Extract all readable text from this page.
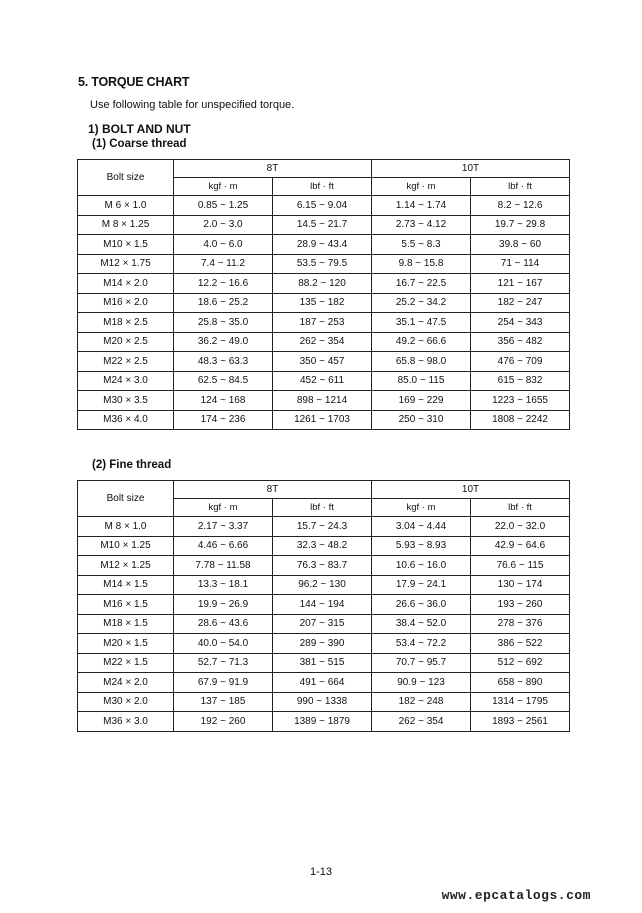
5. TORQUE CHART
Use following table for unspecified torque.
1) BOLT AND NUT
(1) Coarse thread
Bolt size	8T		10T	
	kgf · m	lbf · ft	kgf · m	lbf · ft
M 6 × 1.0	0.85 ~ 1.25	6.15 ~ 9.04	1.14 ~ 1.74	8.2 ~ 12.6
M 8 × 1.25	2.0 ~ 3.0	14.5 ~ 21.7	2.73 ~ 4.12	19.7 ~ 29.8
M10 × 1.5	4.0 ~ 6.0	28.9 ~ 43.4	5.5 ~ 8.3	39.8 ~ 60
M12 × 1.75	7.4 ~ 11.2	53.5 ~ 79.5	9.8 ~ 15.8	71 ~ 114
M14 × 2.0	12.2 ~ 16.6	88.2 ~ 120	16.7 ~ 22.5	121 ~ 167
M16 × 2.0	18.6 ~ 25.2	135 ~ 182	25.2 ~ 34.2	182 ~ 247
M18 × 2.5	25.8 ~ 35.0	187 ~ 253	35.1 ~ 47.5	254 ~ 343
M20 × 2.5	36.2 ~ 49.0	262 ~ 354	49.2 ~ 66.6	356 ~ 482
M22 × 2.5	48.3 ~ 63.3	350 ~ 457	65.8 ~ 98.0	476 ~ 709
M24 × 3.0	62.5 ~ 84.5	452 ~ 611	85.0 ~ 115	615 ~ 832
M30 × 3.5	124 ~ 168	898 ~ 1214	169 ~ 229	1223 ~ 1655
M36 × 4.0	174 ~ 236	1261 ~ 1703	250 ~ 310	1808 ~ 2242
(2) Fine thread
Bolt size	8T		10T	
	kgf · m	lbf · ft	kgf · m	lbf · ft
M 8 × 1.0	2.17 ~ 3.37	15.7 ~ 24.3	3.04 ~ 4.44	22.0 ~ 32.0
M10 × 1.25	4.46 ~ 6.66	32.3 ~ 48.2	5.93 ~ 8.93	42.9 ~ 64.6
M12 × 1.25	7.78 ~ 11.58	76.3 ~ 83.7	10.6 ~ 16.0	76.6 ~ 115
M14 × 1.5	13.3 ~ 18.1	96.2 ~ 130	17.9 ~ 24.1	130 ~ 174
M16 × 1.5	19.9 ~ 26.9	144 ~ 194	26.6 ~ 36.0	193 ~ 260
M18 × 1.5	28.6 ~ 43.6	207 ~ 315	38.4 ~ 52.0	278 ~ 376
M20 × 1.5	40.0 ~ 54.0	289 ~ 390	53.4 ~ 72.2	386 ~ 522
M22 × 1.5	52.7 ~ 71.3	381 ~ 515	70.7 ~ 95.7	512 ~ 692
M24 × 2.0	67.9 ~ 91.9	491 ~ 664	90.9 ~ 123	658 ~ 890
M30 × 2.0	137 ~ 185	990 ~ 1338	182 ~ 248	1314 ~ 1795
M36 × 3.0	192 ~ 260	1389 ~ 1879	262 ~ 354	1893 ~ 2561
1-13
www.epcatalogs.com
